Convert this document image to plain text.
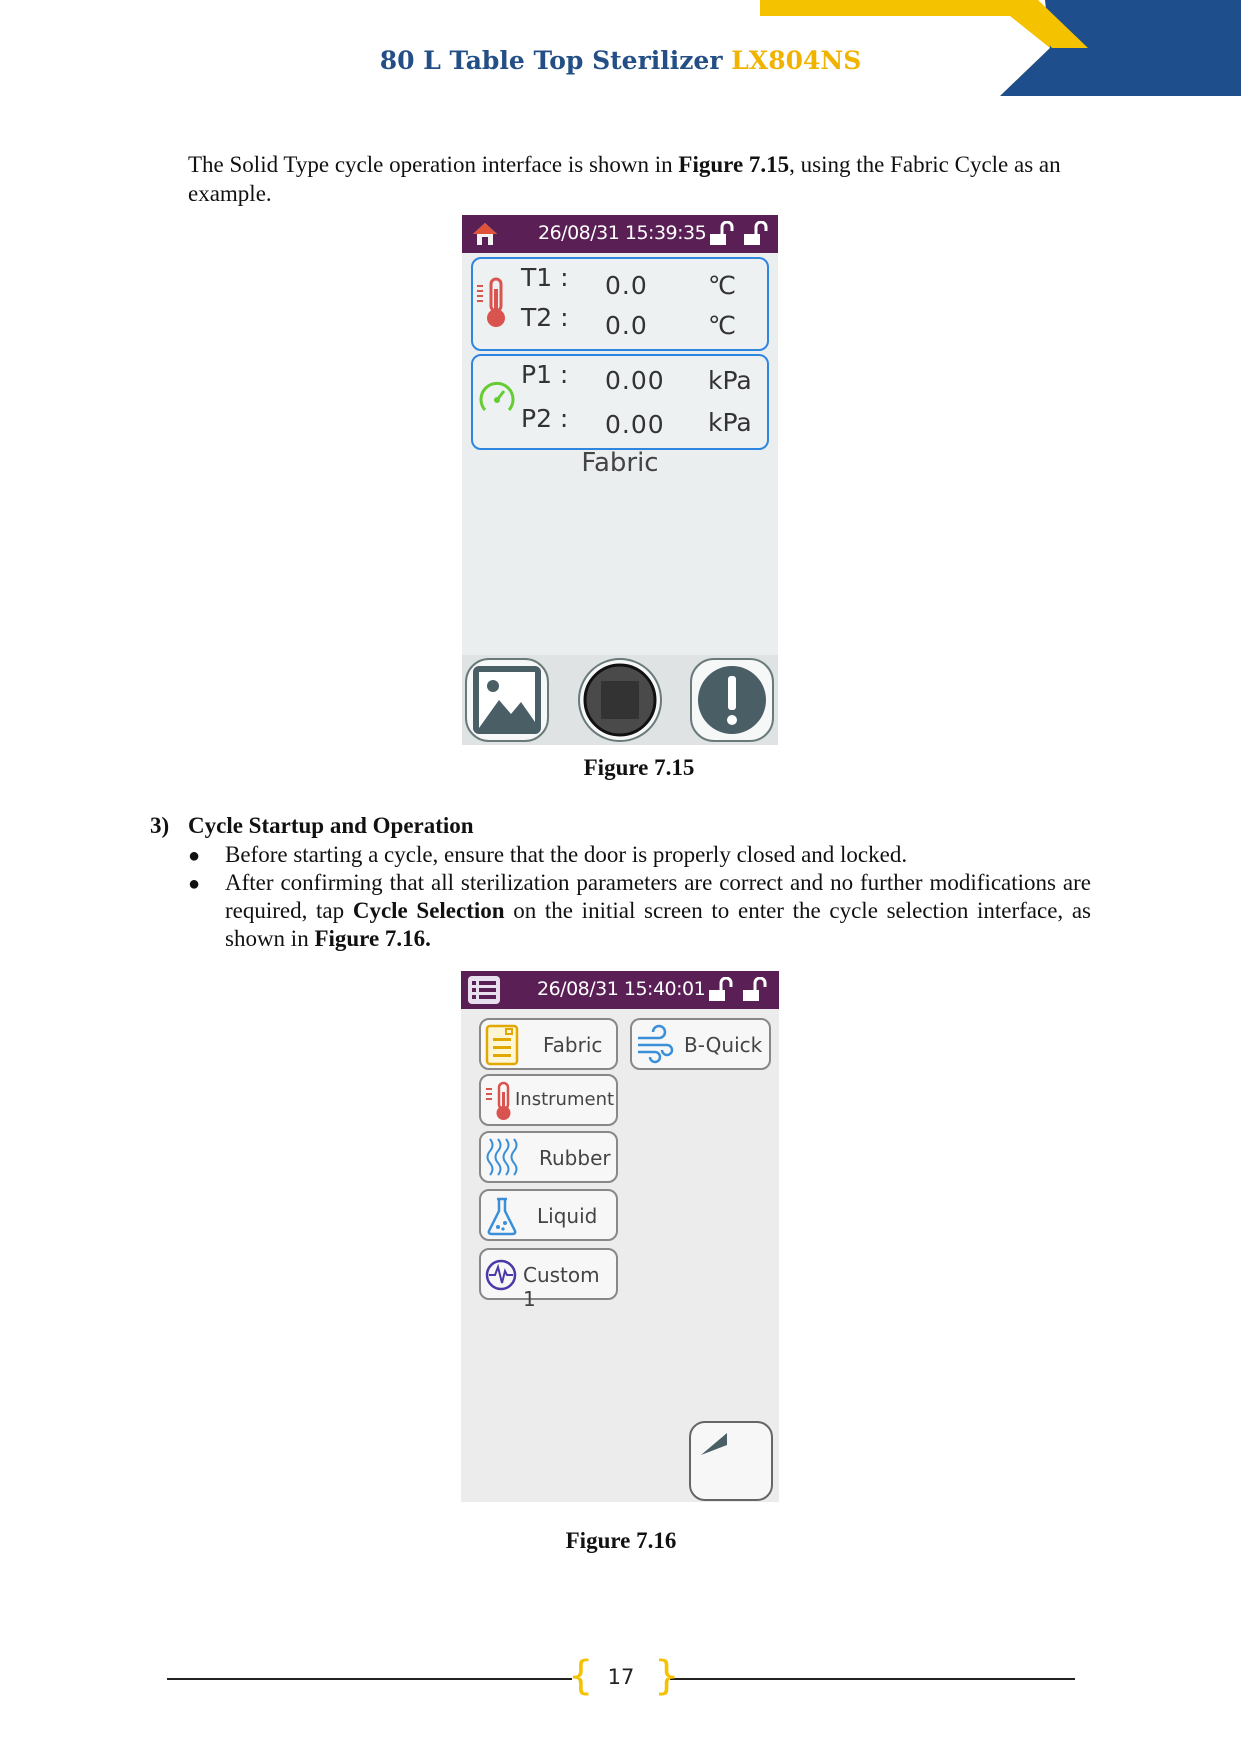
80 L Table Top Sterilizer LX804NS
The Solid Type cycle operation interface is shown in Figure 7.15, using the Fabric Cycle as an example.
26/08/31 15:39:35
T1 : 0.0 ℃
T2 : 0.0 ℃
P1 : 0.00 kPa
P2 : 0.00 kPa
Fabric
Figure 7.15
3) Cycle Startup and Operation
● Before starting a cycle, ensure that the door is properly closed and locked.
● After confirming that all sterilization parameters are correct and no further modifications are required, tap Cycle Selection on the initial screen to enter the cycle selection interface, as shown in Figure 7.16.
26/08/31 15:40:01
Fabric	B-Quick
Instrument
Rubber
Liquid
Custom 1
Figure 7.16
{ }
17
